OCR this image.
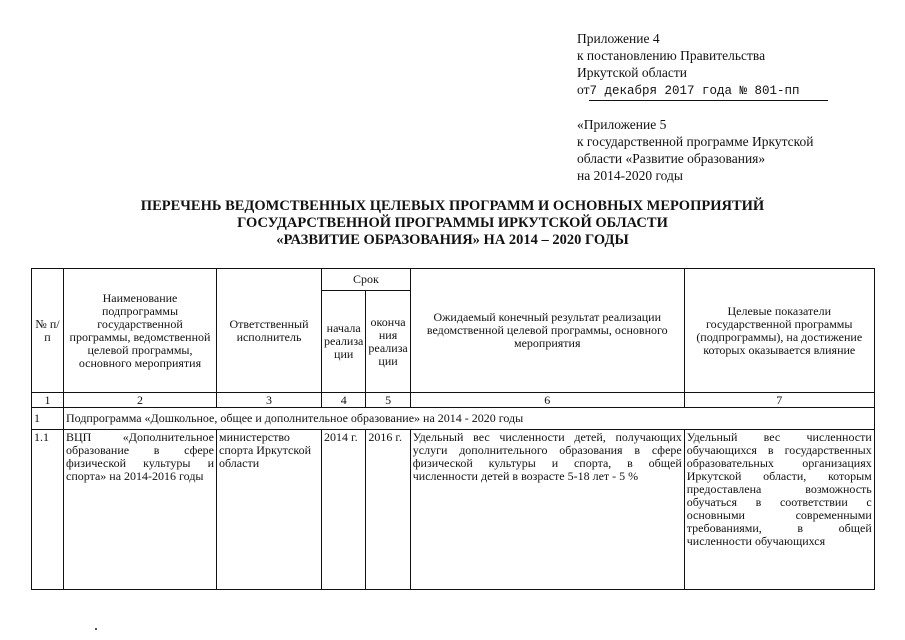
Приложение 4
к постановлению Правительства
Иркутской области
от7 декабря 2017 года № 801-пп
«Приложение 5
к государственной программе Иркутской
области «Развитие образования»
на 2014-2020 годы
ПЕРЕЧЕНЬ ВЕДОМСТВЕННЫХ ЦЕЛЕВЫХ ПРОГРАММ И ОСНОВНЫХ МЕРОПРИЯТИЙ
ГОСУДАРСТВЕННОЙ ПРОГРАММЫ ИРКУТСКОЙ ОБЛАСТИ
«РАЗВИТИЕ ОБРАЗОВАНИЯ» НА 2014 – 2020 ГОДЫ
№ п/п	Наименование подпрограммы государственной программы, ведомственной целевой программы, основного мероприятия	Ответственный исполнитель	Срок		Ожидаемый конечный результат реализации ведомственной целевой программы, основного мероприятия	Целевые показатели государственной программы (подпрограммы), на достижение которых оказывается влияние
			начала реализа ции	оконча ния реализа ции		
1	2	3	4	5	6	7
1	Подпрограмма «Дошкольное, общее и дополнительное образование» на 2014 - 2020 годы					
1.1	ВЦП «Дополнительное образование в сфере физической культуры и спорта» на 2014-2016 годы	министерство спорта Иркутской области	2014 г.	2016 г.	Удельный вес численности детей, получающих услуги дополнительного образования в сфере физической культуры и спорта, в общей численности детей в возрасте 5-18 лет - 5 %	Удельный вес численности обучающихся в государственных образовательных организациях Иркутской области, которым предоставлена возможность обучаться в соответствии с основными современными требованиями, в общей численности обучающихся
